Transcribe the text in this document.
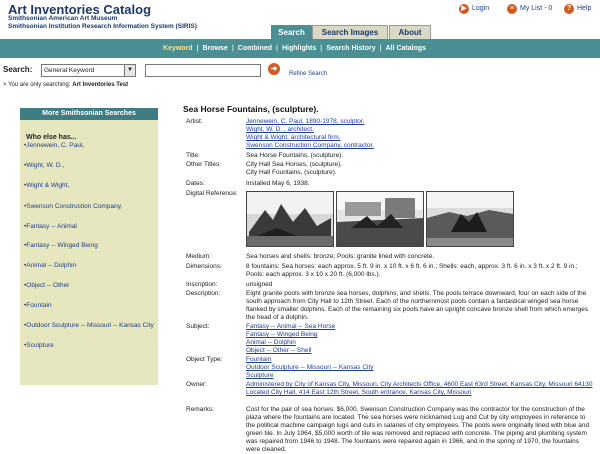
Art Inventories Catalog
Smithsonian American Art Museum
Smithsonian Institution Research Information System (SIRIS)
▶ Login	≡ My List - 0	? Help
Search	Search Images	About
Keyword | Browse | Combined | Highlights | Search History | All Catalogs
Search:	General Keyword	▼	➜
Refine Search
> You are only searching: Art Inventories Test
More Smithsonian Searches
Who else has...
• Jennewein, C. Paul,
• Wight, W. D.,
• Wight & Wight,
• Swenson Construction Company,
• Fantasy -- Animal
• Fantasy -- Winged Being
• Animal -- Dolphin
• Object -- Other
• Fountain
• Outdoor Sculpture -- Missouri -- Kansas City
• Sculpture
Sea Horse Fountains, (sculpture).
Artist:	Jennewein, C. Paul, 1890-1978, sculptor.
Wight, W. D. , architect.
Wight & Wight, architectural firm.
Swenson Construction Company, contractor.
Title:	Sea Horse Fountains, (sculpture).
Other Titles:	City Hall Sea Horses, (sculpture).
City Hall Fountains, (sculpture).
Dates:	Installed May 6, 1938.
Digital Reference:
Medium:	Sea horses and shells: bronze; Pools: granite lined with concrete.
Dimensions:	8 fountains: Sea horses: each approx. 5 ft. 9 in. x 10 ft. x 6 ft. 6 in.; Shells: each, approx. 3 ft. 6 in. x 3 ft. x 2 ft. 9 in.; Pools: each approx. 3 x 10 x 20 ft. (6,000 lbs.).
Inscription:	unsigned
Description:	Eight granite pools with bronze sea horses, dolphins, and shells. The pools terrace downward, four on each side of the south approach from City Hall to 12th Street. Each of the northernmost pools contain a fantastical winged sea horse flanked by smaller dolphins. Each of the remaining six pools have an upright concave bronze shell from which emerges the head of a dolphin.
Subject:	Fantasy -- Animal -- Sea Horse
Fantasy -- Winged Being
Animal -- Dolphin
Object -- Other -- Shell
Object Type:	Fountain
Outdoor Sculpture -- Missouri -- Kansas City
Sculpture
Owner:	Administered by City of Kansas City, Missouri, City Architects Office, 4600 East 63rd Street, Kansas City, Missouri 64130
Located City Hall, 414 East 12th Street, South entrance, Kansas City, Missouri
Remarks:	Cost for the pair of sea horses: $6,000. Swenson Construction Company was the contractor for the construction of the plaza where the fountains are located. The sea horses were nicknamed Lug and Cut by city employees in reference to the political machine campaign lugs and cuts in salaries of city employees. The pools were originally lined with blue and green tile. In July 1964, $5,000 worth of tile was removed and replaced with concrete. The piping and plumbing system was repaired from 1946 to 1948. The fountains were repaired again in 1966, and in the spring of 1970, the fountains were cleaned.
